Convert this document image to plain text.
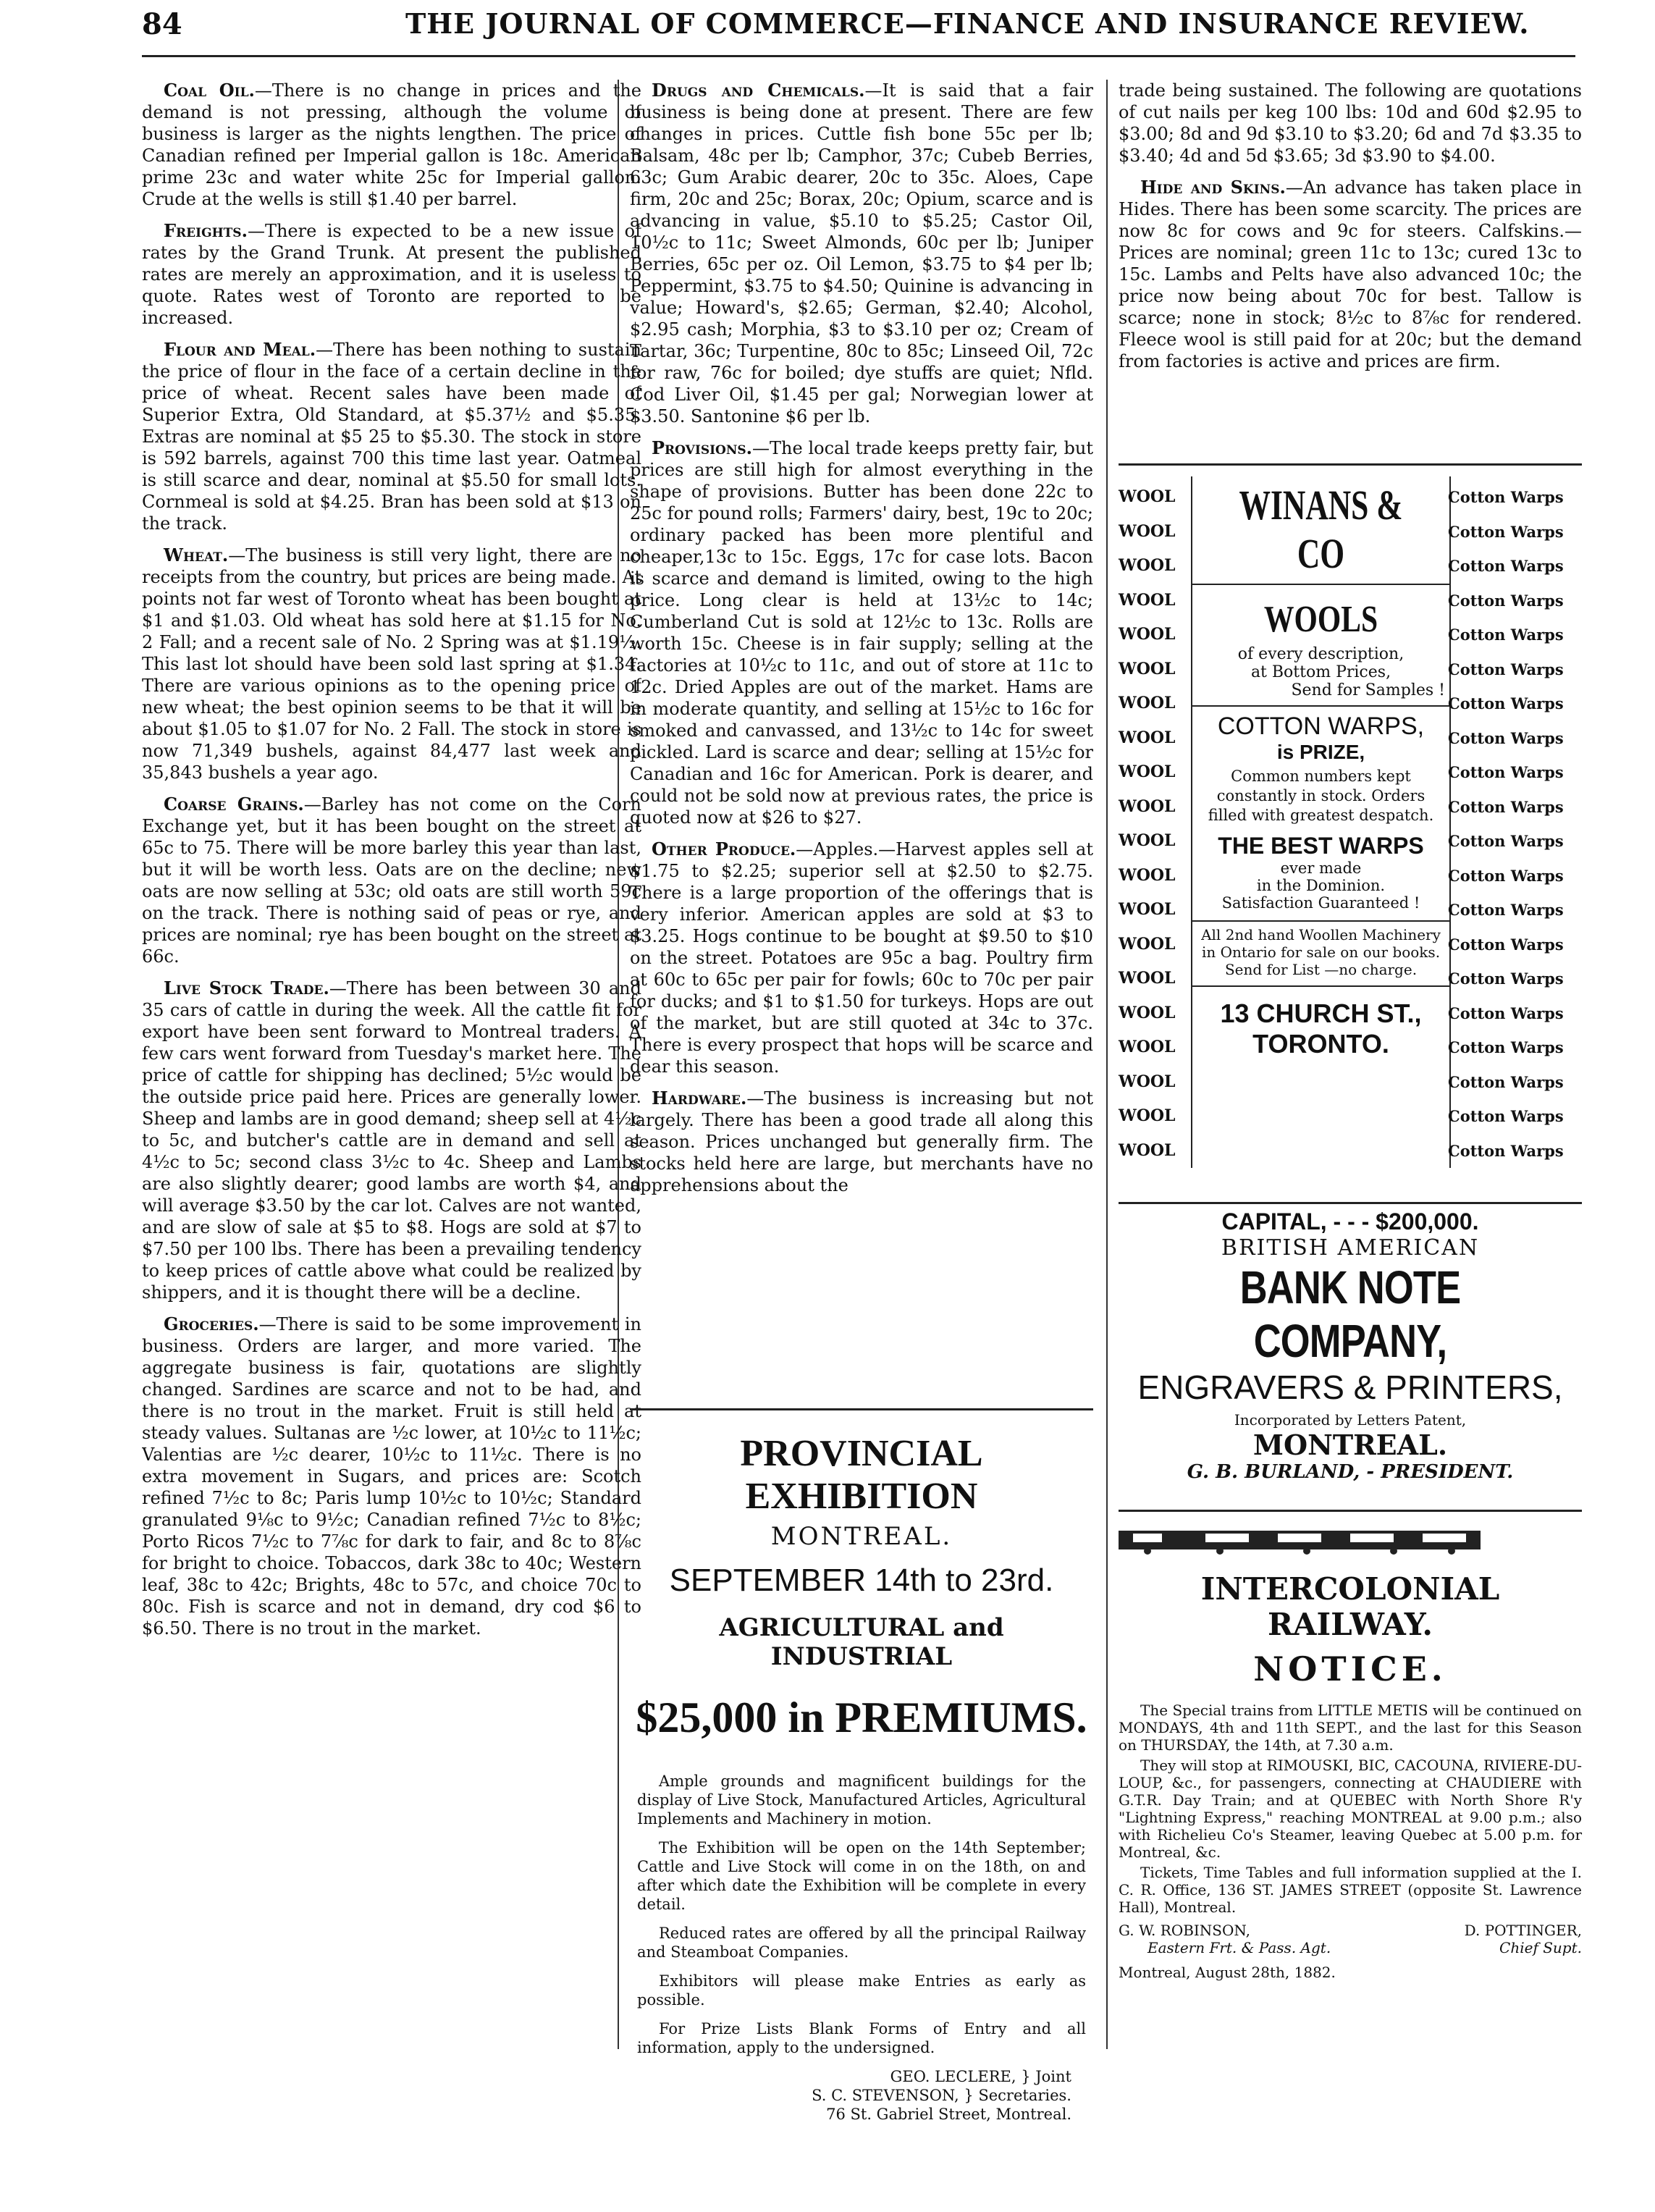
84	THE JOURNAL OF COMMERCE—FINANCE AND INSURANCE REVIEW.

Coal Oil.—There is no change in prices and the demand is not pressing, although the volume of business is larger as the nights lengthen. The price of Canadian refined per Imperial gallon is 18c. American prime 23c and water white 25c for Imperial gallon. Crude at the wells is still $1.40 per barrel.

Freights.—There is expected to be a new issue of rates by the Grand Trunk. At present the published rates are merely an approximation, and it is useless to quote. Rates west of Toronto are reported to be increased.

Flour and Meal.—There has been nothing to sustain the price of flour in the face of a certain decline in the price of wheat. Recent sales have been made of Superior Extra, Old Standard, at $5.37½ and $5.35. Extras are nominal at $5 25 to $5.30. The stock in store is 592 barrels, against 700 this time last year. Oatmeal is still scarce and dear, nominal at $5.50 for small lots. Cornmeal is sold at $4.25. Bran has been sold at $13 on the track.

Wheat.—The business is still very light, there are no receipts from the country, but prices are being made. At points not far west of Toronto wheat has been bought at $1 and $1.03. Old wheat has sold here at $1.15 for No. 2 Fall; and a recent sale of No. 2 Spring was at $1.19½. This last lot should have been sold last spring at $1.34. There are various opinions as to the opening price of new wheat; the best opinion seems to be that it will be about $1.05 to $1.07 for No. 2 Fall. The stock in store is now 71,349 bushels, against 84,477 last week and 35,843 bushels a year ago.

Coarse Grains.—Barley has not come on the Corn Exchange yet, but it has been bought on the street at 65c to 75. There will be more barley this year than last, but it will be worth less. Oats are on the decline; new oats are now selling at 53c; old oats are still worth 59c on the track. There is nothing said of peas or rye, and prices are nominal; rye has been bought on the street at 66c.

Live Stock Trade.—There has been between 30 and 35 cars of cattle in during the week. All the cattle fit for export have been sent forward to Montreal traders. A few cars went forward from Tuesday's market here. The price of cattle for shipping has declined; 5½c would be the outside price paid here. Prices are generally lower. Sheep and lambs are in good demand; sheep sell at 4½c to 5c, and butcher's cattle are in demand and sell at 4½c to 5c; second class 3½c to 4c. Sheep and Lambs are also slightly dearer; good lambs are worth $4, and will average $3.50 by the car lot. Calves are not wanted, and are slow of sale at $5 to $8. Hogs are sold at $7 to $7.50 per 100 lbs. There has been a prevailing tendency to keep prices of cattle above what could be realized by shippers, and it is thought there will be a decline.

Groceries.—There is said to be some improvement in business. Orders are larger, and more varied. The aggregate business is fair, quotations are slightly changed. Sardines are scarce and not to be had, and there is no trout in the market. Fruit is still held at steady values. Sultanas are ½c lower, at 10½c to 11½c; Valentias are ½c dearer, 10½c to 11½c. There is no extra movement in Sugars, and prices are: Scotch refined 7½c to 8c; Paris lump 10½c to 10½c; Standard granulated 9⅛c to 9½c; Canadian refined 7½c to 8½c; Porto Ricos 7½c to 7⅞c for dark to fair, and 8c to 8⅞c for bright to choice. Tobaccos, dark 38c to 40c; Western leaf, 38c to 42c; Brights, 48c to 57c, and choice 70c to 80c. Fish is scarce and not in demand, dry cod $6 to $6.50. There is no trout in the market.

Drugs and Chemicals.—It is said that a fair business is being done at present. There are few changes in prices. Cuttle fish bone 55c per lb; Balsam, 48c per lb; Camphor, 37c; Cubeb Berries, 63c; Gum Arabic dearer, 20c to 35c. Aloes, Cape firm, 20c and 25c; Borax, 20c; Opium, scarce and is advancing in value, $5.10 to $5.25; Castor Oil, 10½c to 11c; Sweet Almonds, 60c per lb; Juniper Berries, 65c per oz. Oil Lemon, $3.75 to $4 per lb; Peppermint, $3.75 to $4.50; Quinine is advancing in value; Howard's, $2.65; German, $2.40; Alcohol, $2.95 cash; Morphia, $3 to $3.10 per oz; Cream of Tartar, 36c; Turpentine, 80c to 85c; Linseed Oil, 72c for raw, 76c for boiled; dye stuffs are quiet; Nfld. Cod Liver Oil, $1.45 per gal; Norwegian lower at $3.50. Santonine $6 per lb.

Provisions.—The local trade keeps pretty fair, but prices are still high for almost everything in the shape of provisions. Butter has been done 22c to 25c for pound rolls; Farmers' dairy, best, 19c to 20c; ordinary packed has been more plentiful and cheaper,13c to 15c. Eggs, 17c for case lots. Bacon is scarce and demand is limited, owing to the high price. Long clear is held at 13½c to 14c; Cumberland Cut is sold at 12½c to 13c. Rolls are worth 15c. Cheese is in fair supply; selling at the factories at 10½c to 11c, and out of store at 11c to 12c. Dried Apples are out of the market. Hams are in moderate quantity, and selling at 15½c to 16c for smoked and canvassed, and 13½c to 14c for sweet pickled. Lard is scarce and dear; selling at 15½c for Canadian and 16c for American. Pork is dearer, and could not be sold now at previous rates, the price is quoted now at $26 to $27.

Other Produce.—Apples.—Harvest apples sell at $1.75 to $2.25; superior sell at $2.50 to $2.75. There is a large proportion of the offerings that is very inferior. American apples are sold at $3 to $3.25. Hogs continue to be bought at $9.50 to $10 on the street. Potatoes are 95c a bag. Poultry firm at 60c to 65c per pair for fowls; 60c to 70c per pair for ducks; and $1 to $1.50 for turkeys. Hops are out of the market, but are still quoted at 34c to 37c. There is every prospect that hops will be scarce and dear this season.

Hardware.—The business is increasing but not largely. There has been a good trade all along this season. Prices unchanged but generally firm. The stocks held here are large, but merchants have no apprehensions about the

trade being sustained. The following are quotations of cut nails per keg 100 lbs: 10d and 60d $2.95 to $3.00; 8d and 9d $3.10 to $3.20; 6d and 7d $3.35 to $3.40; 4d and 5d $3.65; 3d $3.90 to $4.00.

Hide and Skins.—An advance has taken place in Hides. There has been some scarcity. The prices are now 8c for cows and 9c for steers. Calfskins.—Prices are nominal; green 11c to 13c; cured 13c to 15c. Lambs and Pelts have also advanced 10c; the price now being about 70c for best. Tallow is scarce; none in stock; 8½c to 8⅞c for rendered. Fleece wool is still paid for at 20c; but the demand from factories is active and prices are firm.

PROVINCIAL EXHIBITION
MONTREAL.
SEPTEMBER 14th to 23rd.
AGRICULTURAL and INDUSTRIAL
$25,000 in PREMIUMS.

Ample grounds and magnificent buildings for the display of Live Stock, Manufactured Articles, Agricultural Implements and Machinery in motion.

The Exhibition will be open on the 14th September; Cattle and Live Stock will come in on the 18th, on and after which date the Exhibition will be complete in every detail.

Reduced rates are offered by all the principal Railway and Steamboat Companies.

Exhibitors will please make Entries as early as possible.

For Prize Lists Blank Forms of Entry and all information, apply to the undersigned.

GEO. LECLERE, } Joint
S. C. STEVENSON, } Secretaries.
76 St. Gabriel Street, Montreal.
WOOL
WOOL
WOOL
WOOL
WOOL
WOOL
WOOL
WOOL
WOOL
WOOL
WOOL
WOOL
WOOL
WOOL
WOOL
WOOL
WOOL
WOOL
WOOL
WOOL
WINANS & CO
WOOLS
of every description,
at Bottom Prices,
Send for Samples !
COTTON WARPS,
is PRIZE,
Common numbers kept constantly in stock. Orders filled with greatest despatch.
THE BEST WARPS
ever made
in the Dominion.
Satisfaction Guaranteed !
All 2nd hand Woollen Machinery in Ontario for sale on our books. Send for List —no charge.
13 CHURCH ST.,
TORONTO.
Cotton Warps
Cotton Warps
Cotton Warps
Cotton Warps
Cotton Warps
Cotton Warps
Cotton Warps
Cotton Warps
Cotton Warps
Cotton Warps
Cotton Warps
Cotton Warps
Cotton Warps
Cotton Warps
Cotton Warps
Cotton Warps
Cotton Warps
Cotton Warps
Cotton Warps
Cotton Warps
CAPITAL, - - - $200,000.
BRITISH AMERICAN
BANK NOTE COMPANY,
ENGRAVERS & PRINTERS,
Incorporated by Letters Patent,
MONTREAL.
G. B. BURLAND, - PRESIDENT.
INTERCOLONIAL RAILWAY.
NOTICE.

The Special trains from LITTLE METIS will be continued on MONDAYS, 4th and 11th SEPT., and the last for this Season on THURSDAY, the 14th, at 7.30 a.m.

They will stop at RIMOUSKI, BIC, CACOUNA, RIVIERE-DU-LOUP, &c., for passengers, connecting at CHAUDIERE with G.T.R. Day Train; and at QUEBEC with North Shore R'y "Lightning Express," reaching MONTREAL at 9.00 p.m.; also with Richelieu Co's Steamer, leaving Quebec at 5.00 p.m. for Montreal, &c.

Tickets, Time Tables and full information supplied at the I. C. R. Office, 136 ST. JAMES STREET (opposite St. Lawrence Hall), Montreal.

G. W. ROBINSON,
Eastern Frt. & Pass. Agt.
D. POTTINGER,
Chief Supt.
Montreal, August 28th, 1882.
